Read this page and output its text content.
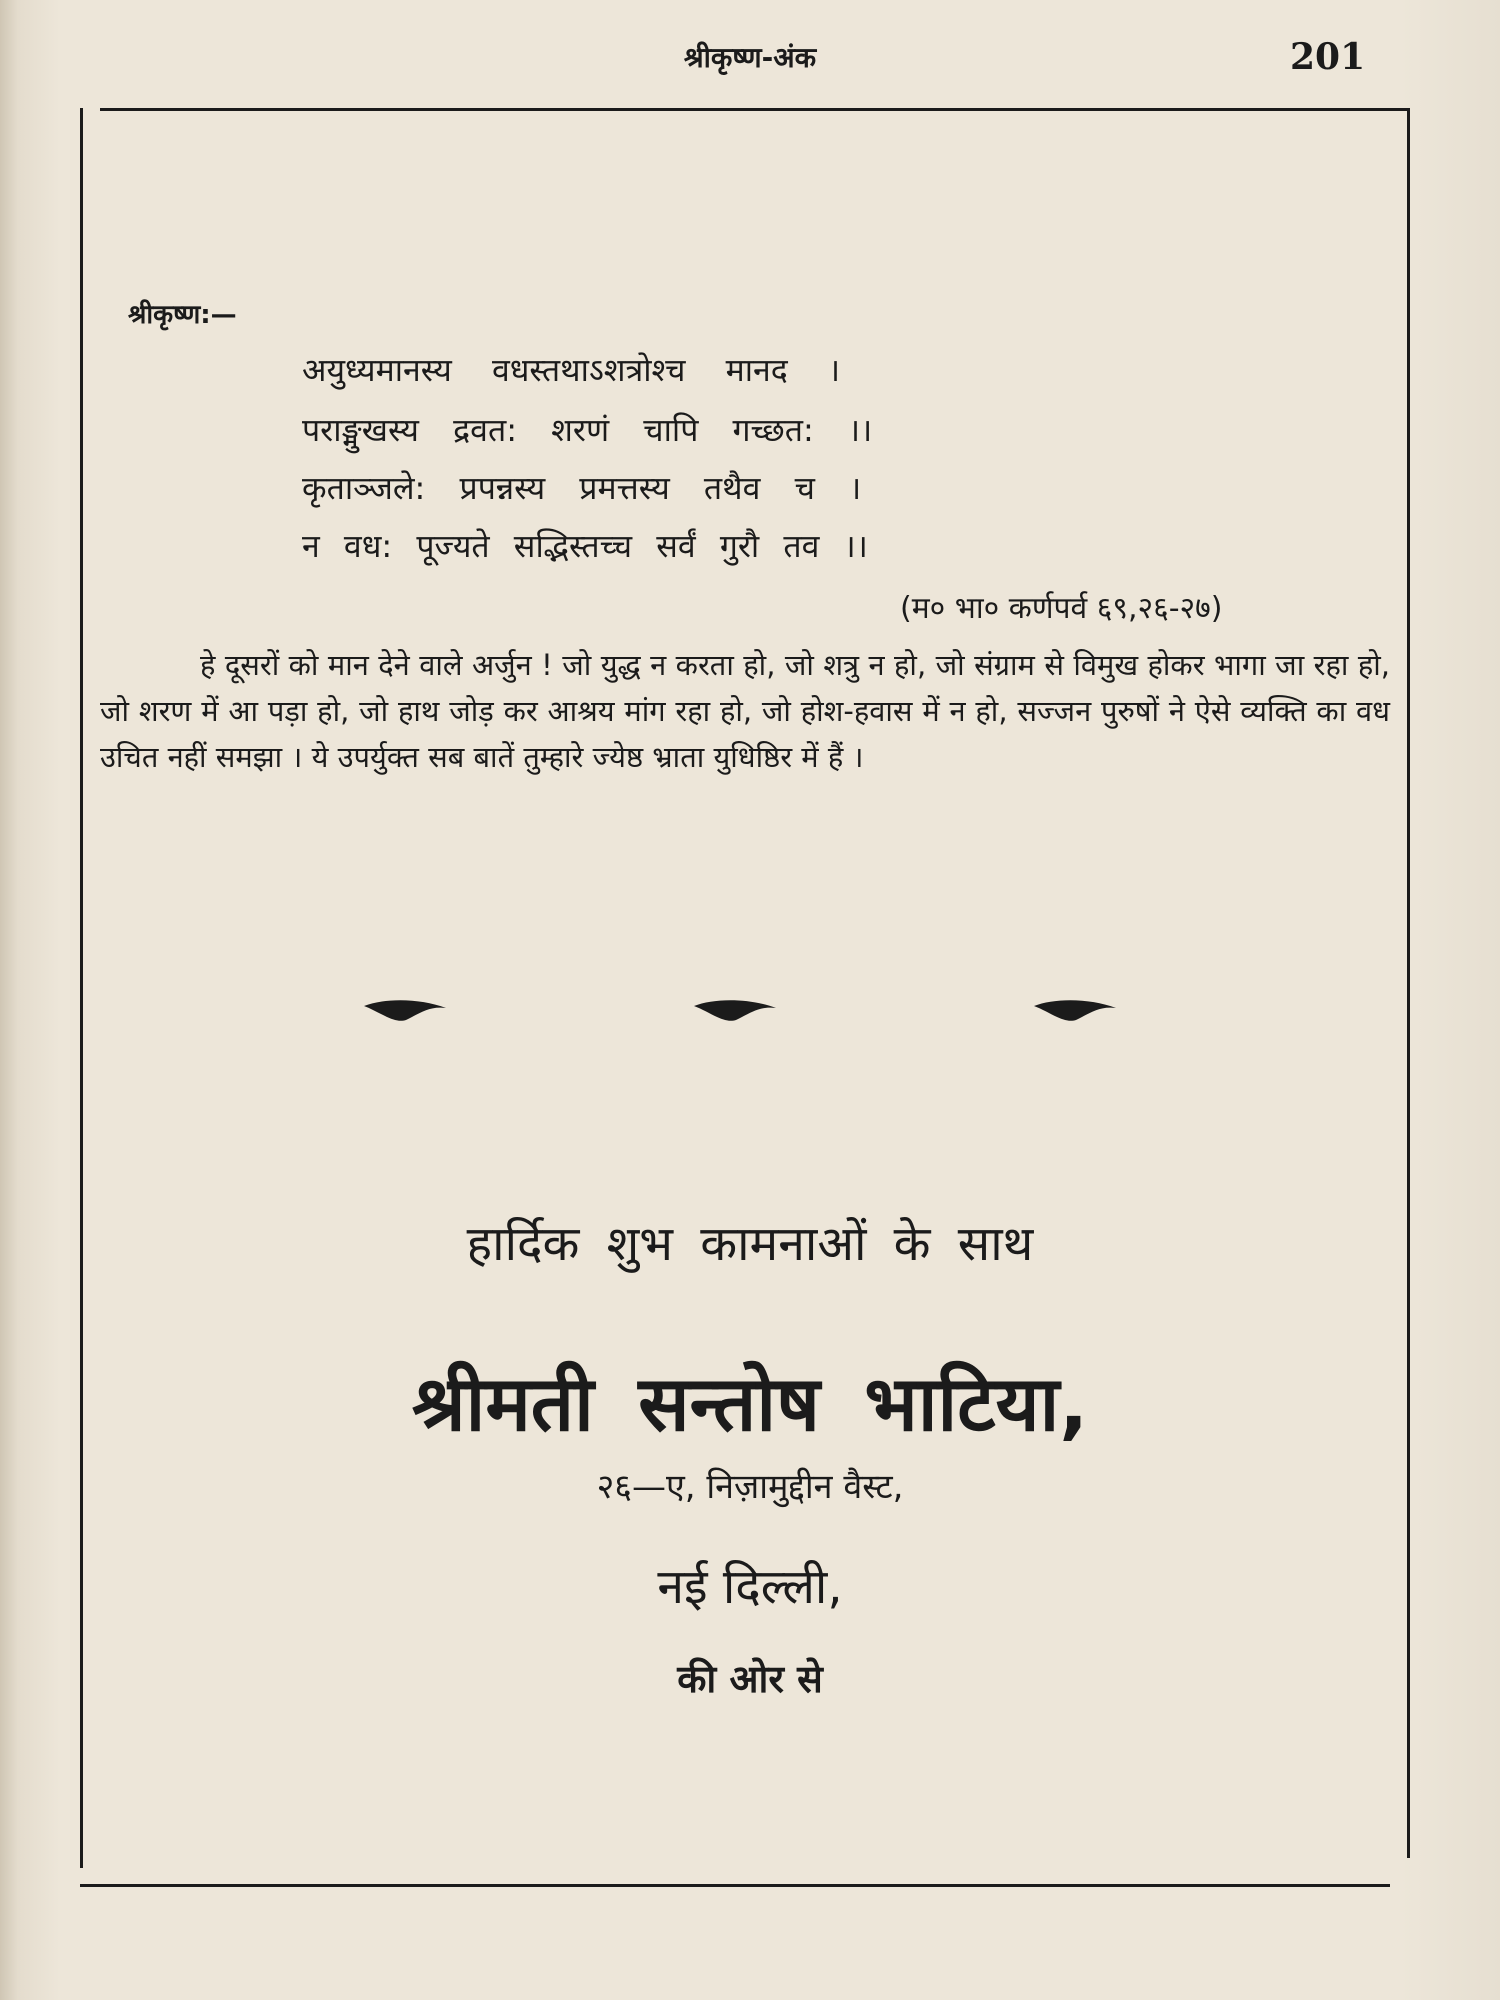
श्रीकृष्ण-अंक	201
श्रीकृष्ण:—
अयुध्यमानस्य वधस्तथाऽशत्रोश्च मानद ।
पराङ्मुखस्य द्रवत: शरणं चापि गच्छत: ।।
कृताञ्जले: प्रपन्नस्य प्रमत्तस्य तथैव च ।
न वध: पूज्यते सद्भिस्तच्च सर्वं गुरौ तव ।।
(म० भा० कर्णपर्व ६९,२६-२७)
हे दूसरों को मान देने वाले अर्जुन ! जो युद्ध न करता हो, जो शत्रु न हो, जो संग्राम से विमुख होकर भागा जा रहा हो, जो शरण में आ पड़ा हो, जो हाथ जोड़ कर आश्रय मांग रहा हो, जो होश-हवास में न हो, सज्जन पुरुषों ने ऐसे व्यक्ति का वध उचित नहीं समझा । ये उपर्युक्त सब बातें तुम्हारे ज्येष्ठ भ्राता युधिष्ठिर में हैं ।
हार्दिक शुभ कामनाओं के साथ
श्रीमती सन्तोष भाटिया,
२६—ए, निज़ामुद्दीन वैस्ट,
नई दिल्ली,
की ओर से
